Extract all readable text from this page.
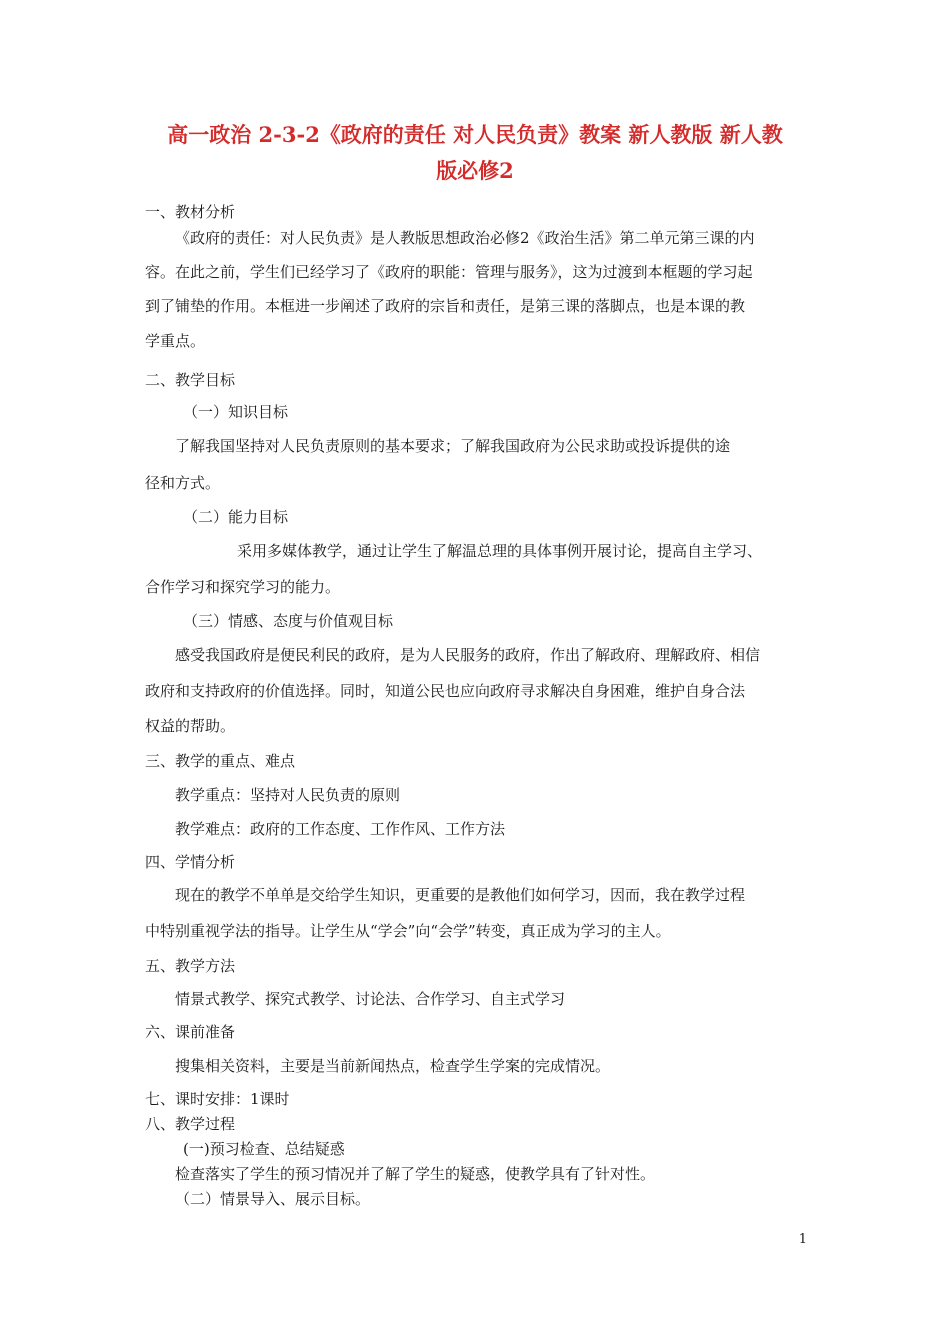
高一政治 2-3-2《政府的责任 对人民负责》教案 新人教版 新人教
版必修2

一、教材分析

《政府的责任：对人民负责》是人教版思想政治必修2《政治生活》第二单元第三课的内

容。在此之前，学生们已经学习了《政府的职能：管理与服务》，这为过渡到本框题的学习起

到了铺垫的作用。本框进一步阐述了政府的宗旨和责任，是第三课的落脚点，也是本课的教

学重点。

二、教学目标

（一）知识目标

了解我国坚持对人民负责原则的基本要求；了解我国政府为公民求助或投诉提供的途

径和方式。

（二）能力目标

采用多媒体教学，通过让学生了解温总理的具体事例开展讨论，提高自主学习、

合作学习和探究学习的能力。

（三）情感、态度与价值观目标

感受我国政府是便民利民的政府，是为人民服务的政府，作出了解政府、理解政府、相信

政府和支持政府的价值选择。同时，知道公民也应向政府寻求解决自身困难，维护自身合法

权益的帮助。

三、教学的重点、难点

教学重点：坚持对人民负责的原则

教学难点：政府的工作态度、工作作风、工作方法

四、学情分析

现在的教学不单单是交给学生知识，更重要的是教他们如何学习，因而，我在教学过程

中特别重视学法的指导。让学生从“学会”向“会学”转变，真正成为学习的主人。

五、教学方法

情景式教学、探究式教学、讨论法、合作学习、自主式学习

六、课前准备

搜集相关资料，主要是当前新闻热点，检查学生学案的完成情况。

七、课时安排：1课时

八、教学过程

(一)预习检查、总结疑惑

检查落实了学生的预习情况并了解了学生的疑惑，使教学具有了针对性。

（二）情景导入、展示目标。

1
